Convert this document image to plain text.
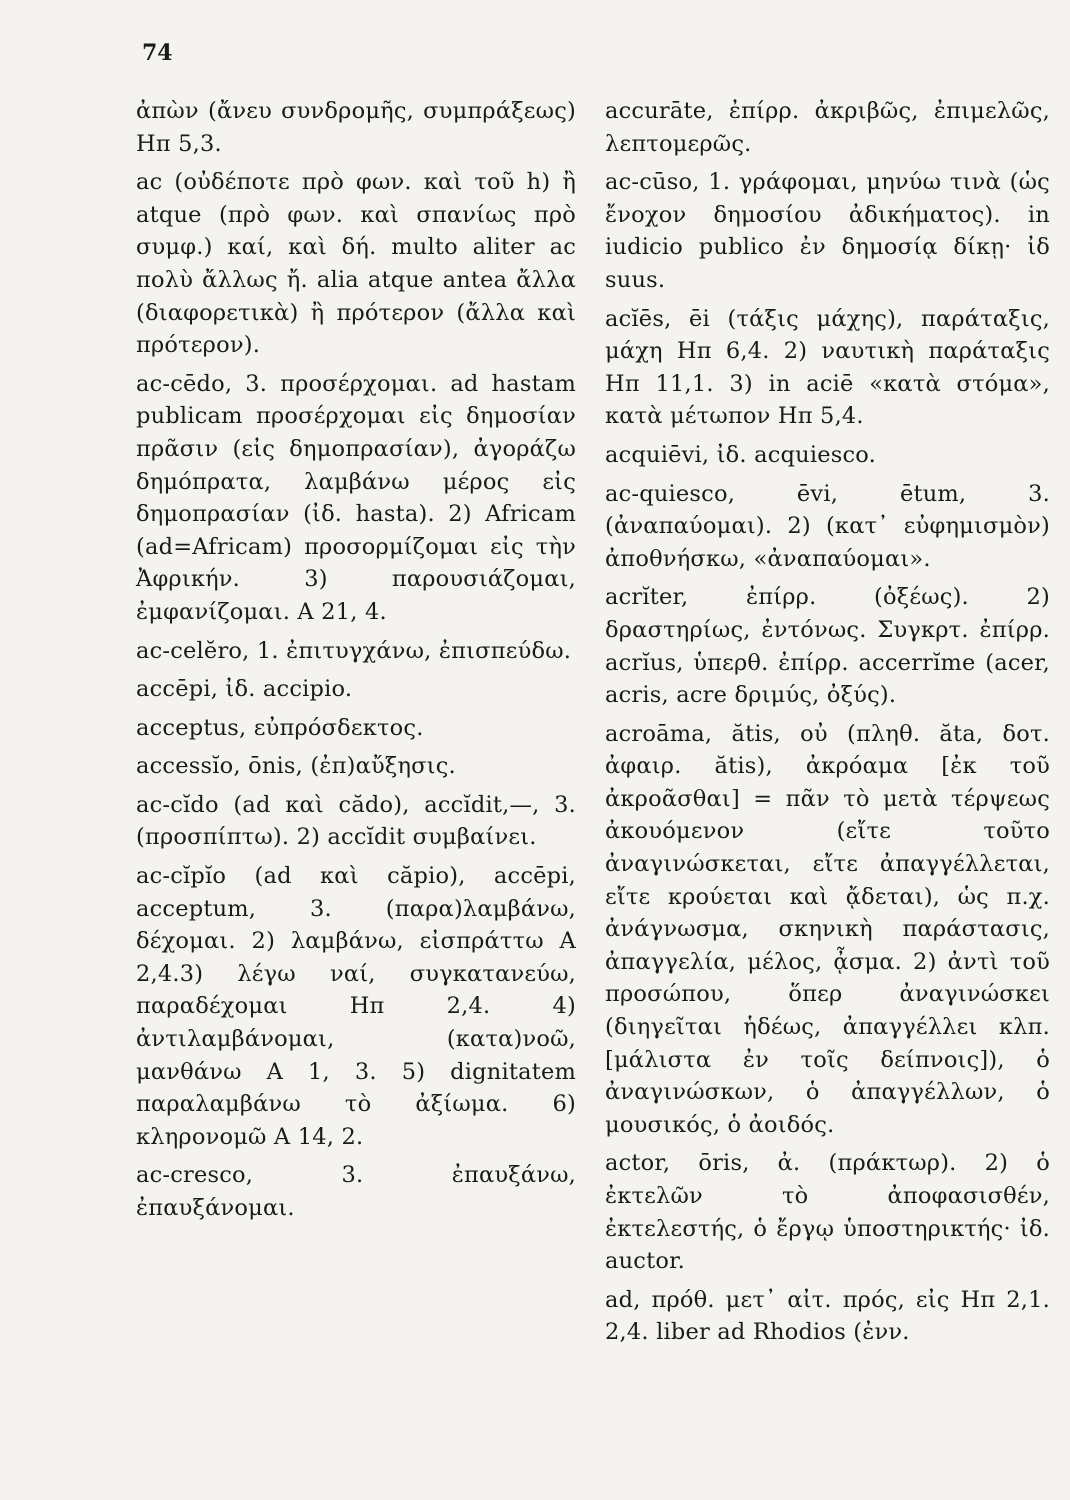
74

ἀπὼν (ἄνευ συνδρομῆς, συμπράξεως) Ηπ 5,3.

ac (οὐδέποτε πρὸ φων. καὶ τοῦ h) ἢ atque (πρὸ φων. καὶ σπανίως πρὸ συμφ.) καί, καὶ δή. multo aliter ac πολὺ ἄλλως ἤ. alia atque antea ἄλλα (διαφορετικὰ) ἢ πρότερον (ἄλλα καὶ πρότερον).

ac-cēdo, 3. προσέρχομαι. ad hastam publicam προσέρχομαι εἰς δημοσίαν πρᾶσιν (εἰς δημοπρασίαν), ἀγοράζω δημόπρατα, λαμβάνω μέρος εἰς δημοπρασίαν (ἰδ. hasta). 2) Africam (ad=Africam) προσορμίζομαι εἰς τὴν Ἀφρικήν. 3) παρουσιάζομαι, ἐμφανίζομαι. Α 21, 4.

ac-celĕro, 1. ἐπιτυγχάνω, ἐπισπεύδω.

accēpi, ἰδ. accipio.

acceptus, εὐπρόσδεκτος.

accessĭo, ōnis, (ἐπ)αὔξησις.

ac-cĭdo (ad καὶ cădo), accĭdit,—, 3. (προσπίπτω). 2) accĭdit συμβαίνει.

ac-cĭpĭo (ad καὶ căpio), accēpi, acceptum, 3. (παρα)λαμβάνω, δέχομαι. 2) λαμβάνω, εἰσπράττω Α 2,4.3) λέγω ναί, συγκατανεύω, παραδέχομαι Ηπ 2,4. 4) ἀντιλαμβάνομαι, (κατα)νοῶ, μανθάνω Α 1, 3. 5) dignitatem παραλαμβάνω τὸ ἀξίωμα. 6) κληρονομῶ Α 14, 2.

ac-cresco, 3. ἐπαυξάνω, ἐπαυξάνομαι.

accurāte, ἐπίρρ. ἀκριβῶς, ἐπιμελῶς, λεπτομερῶς.

ac-cūso, 1. γράφομαι, μηνύω τινὰ (ὡς ἔνοχον δημοσίου ἀδικήματος). in iudicio publico ἐν δημοσίᾳ δίκῃ· ἰδ suus.

acĭēs, ēi (τάξις μάχης), παράταξις, μάχη Ηπ 6,4. 2) ναυτικὴ παράταξις Ηπ 11,1. 3) in aciē «κατὰ στόμα», κατὰ μέτωπον Ηπ 5,4.

acquiēvi, ἰδ. acquiesco.

ac-quiesco, ēvi, ētum, 3. (ἀναπαύομαι). 2) (κατ᾿ εὐφημισμὸν) ἀποθνήσκω, «ἀναπαύομαι».

acrĭter, ἐπίρρ. (ὀξέως). 2) δραστηρίως, ἐντόνως. Συγκρτ. ἐπίρρ. acrĭus, ὑπερθ. ἐπίρρ. accerrĭme (acer, acris, acre δριμύς, ὀξύς).

acroāma, ătis, οὐ (πληθ. ăta, δοτ. ἀφαιρ. ătis), ἀκρόαμα [ἐκ τοῦ ἀκροᾶσθαι] = πᾶν τὸ μετὰ τέρψεως ἀκουόμενον (εἴτε τοῦτο ἀναγινώσκεται, εἴτε ἀπαγγέλλεται, εἴτε κρούεται καὶ ᾄδεται), ὡς π.χ. ἀνάγνωσμα, σκηνικὴ παράστασις, ἀπαγγελία, μέλος, ᾆσμα. 2) ἀντὶ τοῦ προσώπου, ὅπερ ἀναγινώσκει (διηγεῖται ἡδέως, ἀπαγγέλλει κλπ. [μάλιστα ἐν τοῖς δείπνοις]), ὁ ἀναγινώσκων, ὁ ἀπαγγέλλων, ὁ μουσικός, ὁ ἀοιδός.

actor, ōris, ἀ. (πράκτωρ). 2) ὁ ἐκτελῶν τὸ ἀποφασισθέν, ἐκτελεστής, ὁ ἔργῳ ὑποστηρικτής· ἰδ. auctor.

ad, πρόθ. μετ᾿ αἰτ. πρός, εἰς Ηπ 2,1. 2,4. liber ad Rhodios (ἐνν.
